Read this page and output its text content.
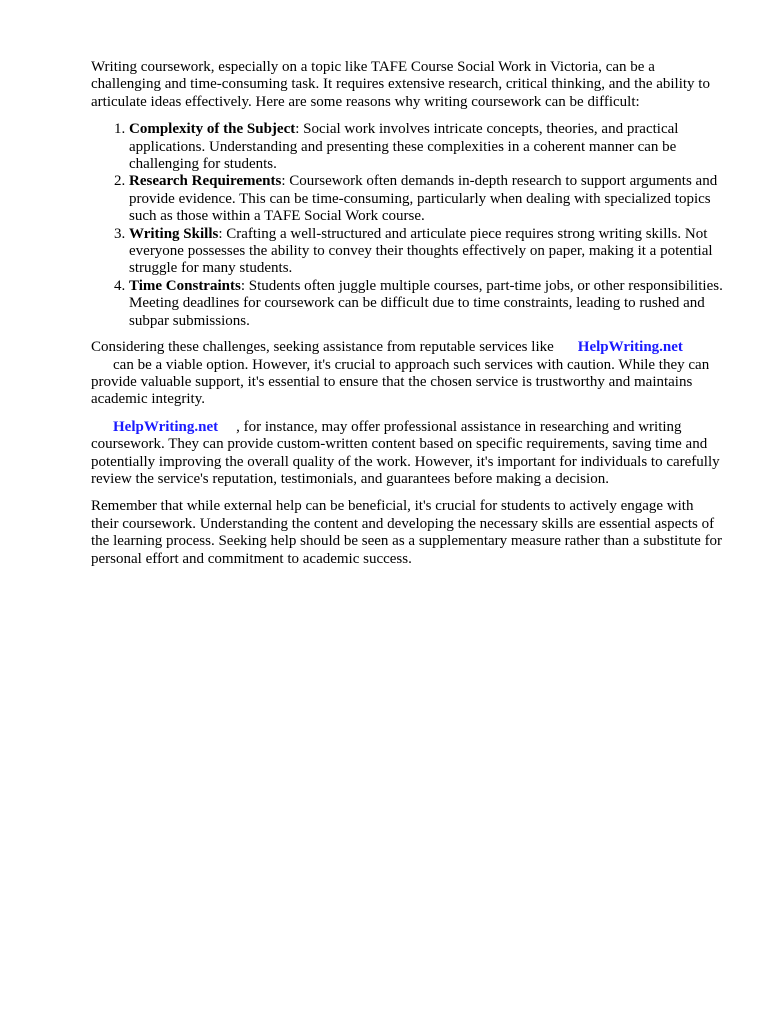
Writing coursework, especially on a topic like TAFE Course Social Work in Victoria, can be a challenging and time-consuming task. It requires extensive research, critical thinking, and the ability to articulate ideas effectively. Here are some reasons why writing coursework can be difficult:

1. Complexity of the Subject: Social work involves intricate concepts, theories, and practical applications. Understanding and presenting these complexities in a coherent manner can be challenging for students.
2. Research Requirements: Coursework often demands in-depth research to support arguments and provide evidence. This can be time-consuming, particularly when dealing with specialized topics such as those within a TAFE Social Work course.
3. Writing Skills: Crafting a well-structured and articulate piece requires strong writing skills. Not everyone possesses the ability to convey their thoughts effectively on paper, making it a potential struggle for many students.
4. Time Constraints: Students often juggle multiple courses, part-time jobs, or other responsibilities. Meeting deadlines for coursework can be difficult due to time constraints, leading to rushed and subpar submissions.

Considering these challenges, seeking assistance from reputable services like HelpWriting.net
can be a viable option. However, it's crucial to approach such services with caution. While they can provide valuable support, it's essential to ensure that the chosen service is trustworthy and maintains academic integrity.

HelpWriting.net , for instance, may offer professional assistance in researching and writing coursework. They can provide custom-written content based on specific requirements, saving time and potentially improving the overall quality of the work. However, it's important for individuals to carefully review the service's reputation, testimonials, and guarantees before making a decision.

Remember that while external help can be beneficial, it's crucial for students to actively engage with their coursework. Understanding the content and developing the necessary skills are essential aspects of the learning process. Seeking help should be seen as a supplementary measure rather than a substitute for personal effort and commitment to academic success.
